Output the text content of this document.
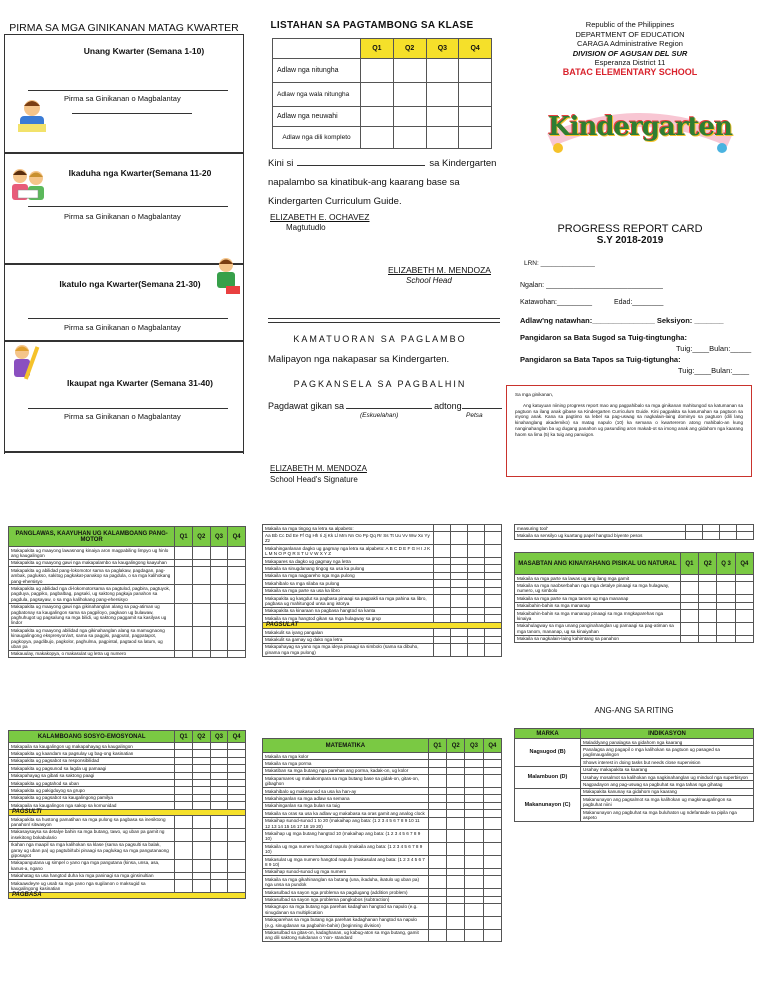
PIRMA SA MGA GINIKANAN MATAG KWARTER
Unang Kwarter (Semana 1-10)
Pirma sa Ginikanan o Magbalantay
Ikaduha nga Kwarter(Semana 11-20
Pirma sa Ginikanan o Magbalantay
Ikatulo nga Kwarter(Semana 21-30)
Pirma sa Ginikanan o Magbalantay
Ikaupat nga Kwarter (Semana 31-40)
Pirma sa Ginikanan o Magbalantay
LISTAHAN SA PAGTAMBONG SA KLASE
	Q1	Q2	Q3	Q4
Adlaw nga nitungha				
Adlaw nga wala nitungha				
Adlaw nga neuwahi				
Adlaw nga dili kompleto				
Kini si	sa Kindergarten
napalambo sa kinatibuk-ang kaarang base sa
Kindergarten Curriculum Guide.
ELIZABETH E. OCHAVEZ
Magtutudlo
ELIZABETH M. MENDOZA
School Head
KAMATUORAN SA PAGLAMBO
Malipayon nga nakapasar sa Kindergarten.
PAGKANSELA SA PAGBALHIN
Pagdawat gikan sa	adtong
(Eskuelahan)	Petsa
ELIZABETH M. MENDOZA
School Head's Signature
Republic of the Philippines
DEPARTMENT OF EDUCATION
CARAGA Administrative Region
DIVISION OF AGUSAN DEL SUR
Esperanza District 11
BATAC ELEMENTARY SCHOOL
Kindergarten
PROGRESS REPORT CARD
S.Y 2018-2019
LRN: _______________
Ngalan: ______________________________
Katawohan:_________	Edad:________
Adlaw'ng natawhan:_______________ Seksiyon: _______
Pangidaron sa Bata Sugod sa Tuig-tingtungha:
Tuig:____Bulan:_____
Pangidaron sa Bata Tapos sa Tuig-tigtungha:
Tuig:____Bulan:____
Sa mga ginikanan,
Ang katuyuan niining progress report mao ang pagpahibalo sa mga ginikanan mahitungod sa katumanan sa pagtuon sa ilang anak gibase sa Kindergarten Curriculum Guide. Kini pagpakita sa kasumahan sa pagtuon sa inyong anak. Kana sa pagtimo sa lebel sa pag-uswag sa nagkalain-laing dominyo sa pagtuon (dili lang kinahanglang akademiko) sa matag napulo (10) ka semana o kwartereron atong mahibalo-an kung nanginahanglan ba ug dugang panahon ug pasunding aron makab-ot sa imong anak ang gidahom nga kaarang haom sa lima (5) ka tuig ang panuigon.
PANGLAWAS, KAAYUHAN UG KALAMBOANG PANG-MOTOR	Q1	Q2	Q3	Q4
Makapakita ug maayong lawasnong kinaiya aron magpabiling limpyo ug hinlo ang kaugalingon				
Makapakita ug maayong gawi nga makapalambo sa kaugalingong kaayuhan				
Makapakita ug abilidad pang-lokomotor sama sa paglakaw, pagdagan, pag-ambak, paglukso, sakitog pagkakat-panakop sa pagdula, o sa mga kalihokang pang-ehersisyo				
Makapakita ug abilidad nga di-lokomotorsama sa pagtulod, pagbira, pagtuyok, pagduya, pagpiko, pagbalbag, pagsaki, ug saktong pagkaja panahon sa pagdula, pagsayaw, o sa mga kalihokang pang-ehersisyo				
Makapakita ug maayong gawi nga gikinahanglan alang sa pag-atiman ug pagbatonay sa kaugalingon sama sa pagpiloyo, pagkaon ug bulawaw, paghuhugot ug pagsalung sa mga bilidi, ug saktong paggamit sa kasilyas ug lindor				
Makapakita ug maayong abilidad nga gikinahanglan alang sa mamugnaong kinaugalingong ekspresyon/art, sama sa paggisi, pagputol, pagpatapot, pagkopya, pagdibujo, pagkolor, paghulma, pagpintal, pagtaod sa latum, ug uban pa				
Makauulay, makakopya, o makasulat ug letra ug numero				
KALAMBOANG SOSYO-EMOSYONAL	Q1	Q2	Q3	Q4
Makapaila sa kaugalingon ug makapahayag sa kaugalingon				
Makapakita ug kaandam sa pagsulay ug bag-ong kasinatian				
Makapakita ug pagsabot sa responsibilidad				
Makapakita ug pagsunod sa lagda ug pamaagi				
Makapahayag sa gibati sa saktong paagi				
Makapakita ug pagtahod sa uban				
Makapakita ug pakigduyog sa grupo				
Makapakita ug pagsabot sa kaugalingong pamilya				
Makapaila sa kaugalingon nga sakop sa komunidad				
PAGSULTI				
Makapakita sa hustong pamatihan sa mga pulong sa pagbasa sa inesiktong panahon/ sitwasyon				
Makasaysaysa sa detalye bahin sa mga butang, tawo, ug uban pa gamit ng insekitong bokabulario				
Ikahan nga maapil sa mga kalihokan sa klase (sama sa pagsulti sa balak, garay ug uban pa) ug pagtubi/tubi pinaagi sa paglukag sa mga pangutanaong giposapot				
Makapangutana ug simpel o yano nga mga pangutana (kinsa, unsa, asa, kanus-a, ngano				
Makahatag sa usa hangtod duha ka mga paninagi sa mga ginsinultian				
Makaawdeyre ug usab sa mga yano nga sugilanon o maksugid sa kaugalingong kasinatian				
PAGBASA				
Makaila sa mga tingog sa letra sa alpabeto:				
Aa Bb Cc Dd Ee Ff Gg Hh Ii Jj Kk Ll Mm Nn Oo Pp Qq Rr Ss Tt Uu Vv Ww Xx Yy Zz				
Makahinganlanan dagko ug gagmay nga letra sa alpabeto: A B C D E F G H I J K L M N O P Q R S T U V W X Y Z				
Makapares sa dagko ug gagmay nga letra				
Makaila sa sinugdanang tingog sa usa ka pulong				
Makaila sa mga nagpareho nga mga pulong				
Makahibalo sa mga silaba sa pulong				
Makaila sa mga parte sa usa ka libro				
Makapakita ug kasgdut sa pagbasa pinaagi sa pagpakli sa mga pahina sa libro, pagbasa ug mahitungod unsa ang istorya				
Makapakita sa kinaraan na pagbasa hangtod sa kanta				
Makaila sa mga hangtod gikan sa mga hulagway sa grup				
PAGSULAT				
Makakulit sa iyang pangalan				
Makakulit sa gamay ug dako nga letra				
Makapahayag sa yano nga mga ideya pinaagi sa simbolo (sama sa dibuho, ginama nga mga pulong)				
MATEMATIKA	Q1	Q2	Q3	Q4
Makaila sa mga kolor				
Makaila sa mga porma				
Makatiban sa mga butang nga parehas ang porma, kadak-on, ug kolor				
Makapamares ug makakompara sa mga butang base sa gidak-on, gitas-on, gibaghon				
Makahibalo ug makasunod sa usa ka han-ay				
Makahinganlan sa mga adlaw sa semana				
Makahinganlan sa mga bulan sa tuig				
Makaila sa oras sa usa ka adlaw ug makabasa sa oras gamit ang analog clock				
Makaihap sunod-sunod 1 to 20 (makaihap ang bata: (1 2 3 4 5 6 7 8 9 10 11 12 13 14 15 16 17 18 19 20)				
Makaihap ug mga butang hangtod 10 (makaihap ang bata: (1 2 3 4 5 6 7 8 9 10)				
Makaila ug mga numero hangtod napulo (makaila ang bata: (1 2 3 4 5 6 7 8 9 10)				
Makasulat ug mga numero hangtod napulo (makasulat ang bata: (1 2 3 4 5 6 7 8 9 10)				
Makaihap sunod-sunod ug mga numero				
Makaila sa mga gikahinanglan sa butang (una, ikaduha, ikatulo ug uban pa) nga unsa sa pundok				
Makasulbad sa sayon nga problema sa pagdugang (addition problem)				
Makasulbad sa sayon nga problema pangkubos (subtraction)				
Makagrupo sa mga butang nga parehas kadaghan hangtod sa napulo (e.g. sinugdanan sa multiplication				
Makaparehas sa mga butang nga parehas kadaghanan hangtod sa napulo (e.g. sinugdanan sa pagbahin-bahin) (beginning division)				
Makasulbad sa gitas-on, kadaghanan, ug kabug-aton sa mga butang, gamit ang dili saktong sukdanan o 'non- standard				
measuring tool'				
Makaila sa sensilyo ug kuartang papel hangtod biyente pesos				
MASABTAN ANG KINAIYAHANG PISIKAL UG NATURAL	Q1	Q2	Q 3	Q4
Makaila sa mga parte sa lawas ug ang ilang mga gamit				
Makaila sa mga naobserbahan nga mga detalye pinaagi sa mga hulagway, numero, ug simbolo				
Makaila sa mga parte sa mga tanom ug mga mananap				
Makaibahin-bahin sa mga mananap				
Makaibahin-bahin sa mga mananap pinaagi sa mga mngkaparehas nga kinaiya				
Makahulagway sa mga unang panginahanglan ug pamaagi sa pag-atiman sa mga tanom, mananap, ug sa kinaiyahan				
Makaila sa nagkalain-laing kahimtang sa panahon				
ANG-ANG SA RITING
MARKA	INDIKASYON
Nagsugod (B)	Maladdyang panalagsa sa gidahom nga kaarang
	Panalagsa ang pagapil o mga kalihokan sa pagtuon ug pasaged sa paglimaugalingon
	Shows interest in doing tasks but needs close supervision
Malambuon (D)	Usahay makapakita sa kaarang
	Usahay mosalmot sa kalihokan nga nagkinahanglan ug minduol nga superbisyon
	Nagpadayon ang pag-uswag sa pagbuhat sa mga tahas nga gihatag
Makanunayon (C)	Makapakita kanunay sa gidahom nga kaarang
	Makanunayon ang pagsalmot sa mga kalihokan ug magkinaugalingon sa pagbuhat niini
	Makanunayon ang pagbuhat sa mga buluhaton ug ndefantade sa pipila nga aspeto
